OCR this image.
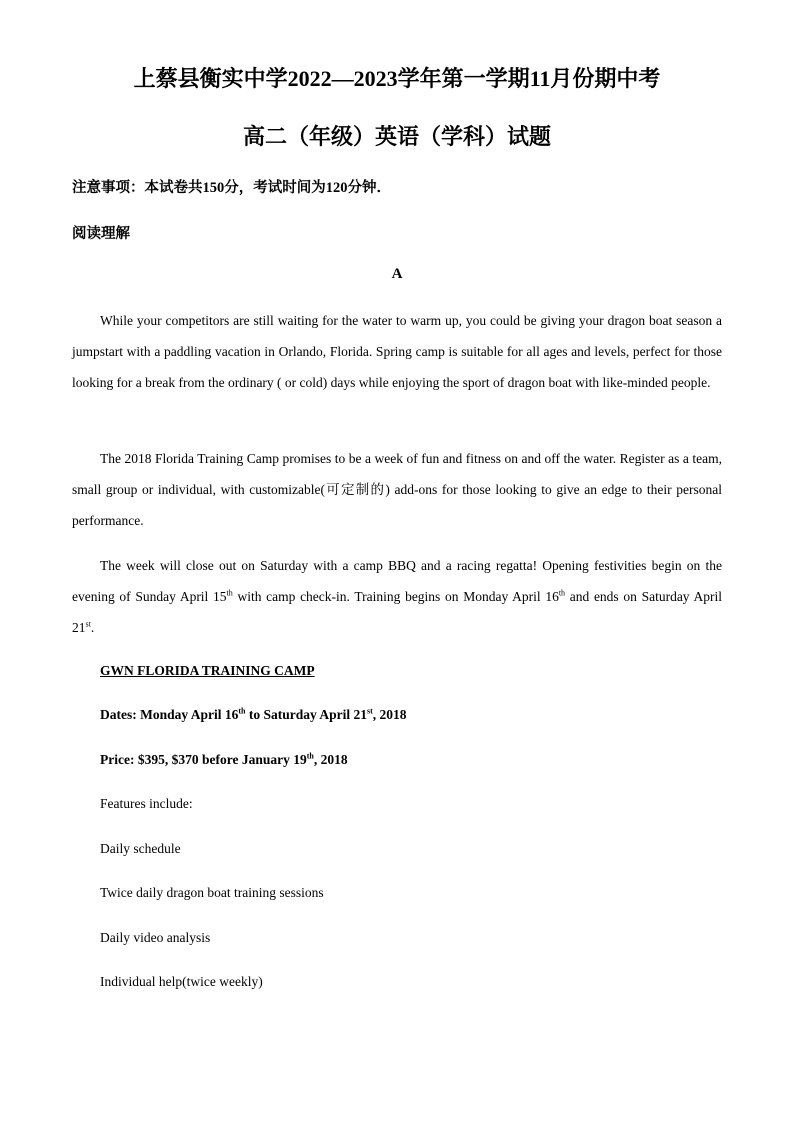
上蔡县衡实中学2022—2023学年第一学期11月份期中考
高二（年级）英语（学科）试题
注意事项：本试卷共150分，考试时间为120分钟．
阅读理解
A
While your competitors are still waiting for the water to warm up, you could be giving your dragon boat season a jumpstart with a paddling vacation in Orlando, Florida. Spring camp is suitable for all ages and levels, perfect for those looking for a break from the ordinary ( or cold) days while enjoying the sport of dragon boat with like-minded people.
The 2018 Florida Training Camp promises to be a week of fun and fitness on and off the water. Register as a team, small group or individual, with customizable(可定制的) add-ons for those looking to give an edge to their personal performance.
The week will close out on Saturday with a camp BBQ and a racing regatta! Opening festivities begin on the evening of Sunday April 15th with camp check-in. Training begins on Monday April 16th and ends on Saturday April 21st.
GWN FLORIDA TRAINING CAMP
Dates: Monday April 16th to Saturday April 21st, 2018
Price: $395, $370 before January 19th, 2018
Features include:
Daily schedule
Twice daily dragon boat training sessions
Daily video analysis
Individual help(twice weekly)
